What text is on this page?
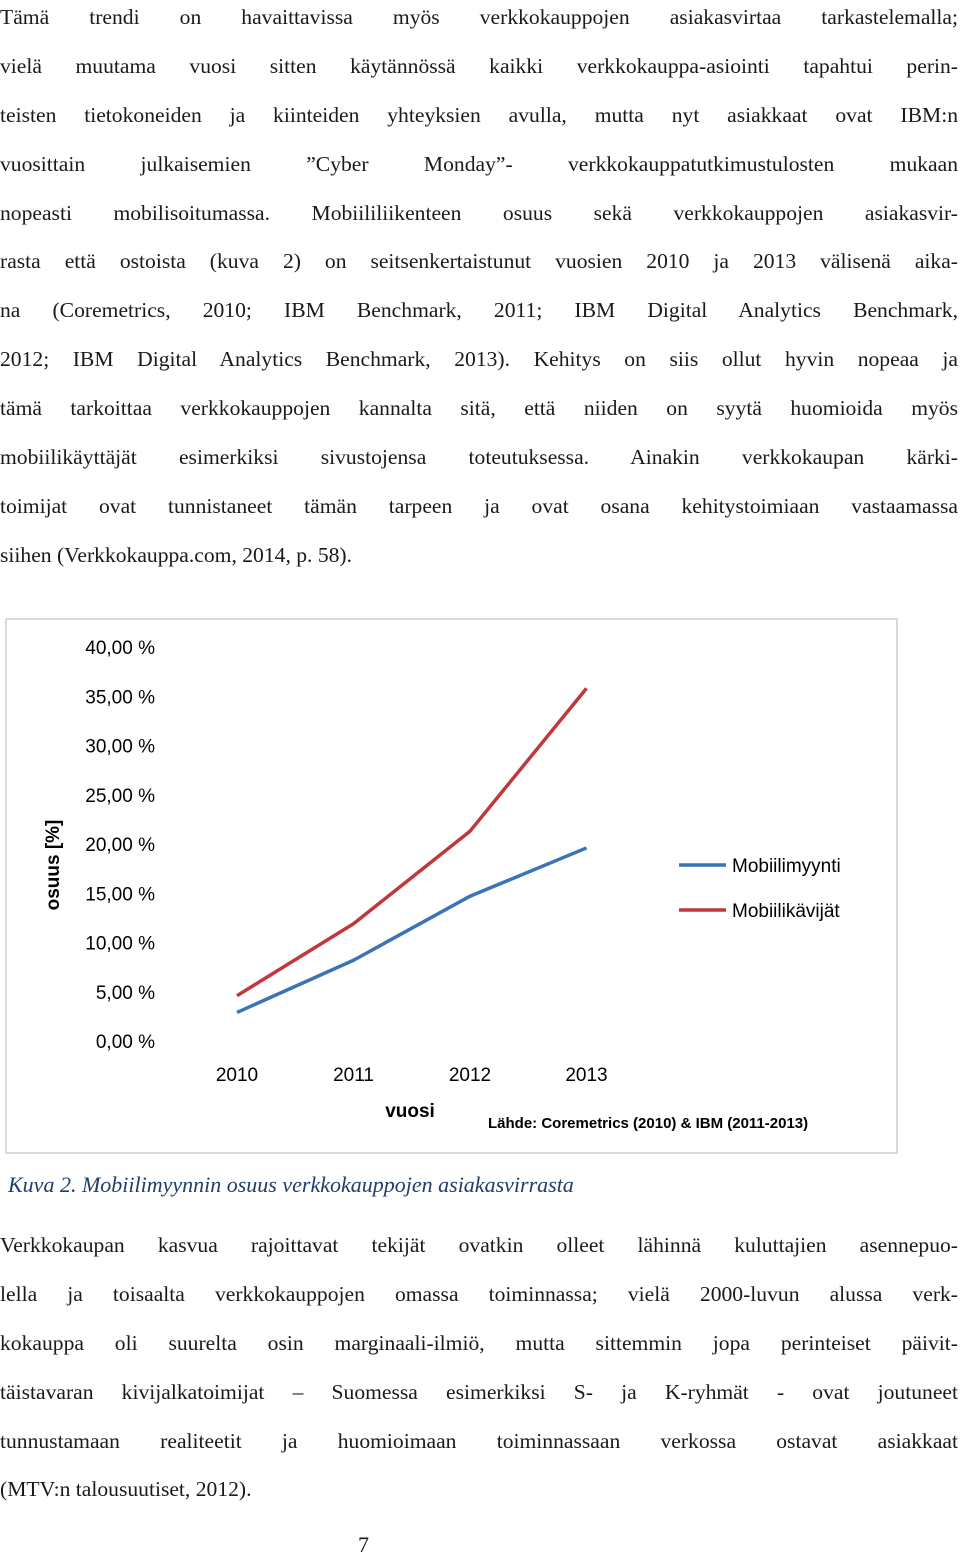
Tämä trendi on havaittavissa myös verkkokauppojen asiakasvirtaa tarkastelemalla;
vielä muutama vuosi sitten käytännössä kaikki verkkokauppa-asiointi tapahtui perin-
teisten tietokoneiden ja kiinteiden yhteyksien avulla, mutta nyt asiakkaat ovat IBM:n
vuosittain julkaisemien ”Cyber Monday”- verkkokauppatutkimustulosten mukaan
nopeasti mobilisoitumassa. Mobiililiikenteen osuus sekä verkkokauppojen asiakasvir-
rasta että ostoista (kuva 2) on seitsenkertaistunut vuosien 2010 ja 2013 välisenä aika-
na (Coremetrics, 2010; IBM Benchmark, 2011; IBM Digital Analytics Benchmark,
2012; IBM Digital Analytics Benchmark, 2013). Kehitys on siis ollut hyvin nopeaa ja
tämä tarkoittaa verkkokauppojen kannalta sitä, että niiden on syytä huomioida myös
mobiilikäyttäjät esimerkiksi sivustojensa toteutuksessa. Ainakin verkkokaupan kärki-
toimijat ovat tunnistaneet tämän tarpeen ja ovat osana kehitystoimiaan vastaamassa
siihen (Verkkokauppa.com, 2014, p. 58).
osuus [%]
vuosi
Lähde: Coremetrics (2010) & IBM (2011-2013)
0,00 %
5,00 %
10,00 %
15,00 %
20,00 %
25,00 %
30,00 %
35,00 %
40,00 %
2010	2011	2012	2013
Mobiilimyynti
Mobiilikävijät
Kuva 2. Mobiilimyynnin osuus verkkokauppojen asiakasvirrasta
Verkkokaupan kasvua rajoittavat tekijät ovatkin olleet lähinnä kuluttajien asennepuo-
lella ja toisaalta verkkokauppojen omassa toiminnassa; vielä 2000-luvun alussa verk-
kokauppa oli suurelta osin marginaali-ilmiö, mutta sittemmin jopa perinteiset päivit-
täistavaran kivijalkatoimijat – Suomessa esimerkiksi S- ja K-ryhmät - ovat joutuneet
tunnustamaan realiteetit ja huomioimaan toiminnassaan verkossa ostavat asiakkaat
(MTV:n talousuutiset, 2012).
7
